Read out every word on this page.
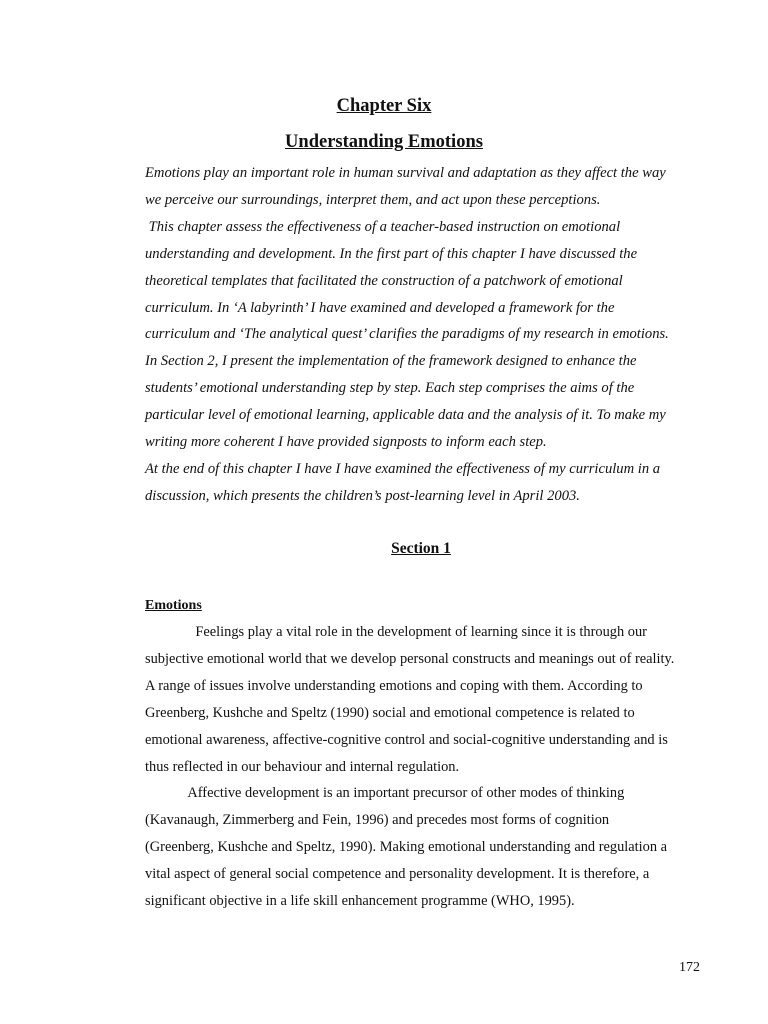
Chapter Six
Understanding Emotions

Emotions play an important role in human survival and adaptation as they affect the way
we perceive our surroundings, interpret them, and act upon these perceptions.
This chapter assess the effectiveness of a teacher-based instruction on emotional
understanding and development. In the first part of this chapter I have discussed the
theoretical templates that facilitated the construction of a patchwork of emotional
curriculum. In ‘A labyrinth’ I have examined and developed a framework for the
curriculum and ‘The analytical quest’ clarifies the paradigms of my research in emotions.
In Section 2, I present the implementation of the framework designed to enhance the
students’ emotional understanding step by step. Each step comprises the aims of the
particular level of emotional learning, applicable data and the analysis of it. To make my
writing more coherent I have provided signposts to inform each step.
At the end of this chapter I have I have examined the effectiveness of my curriculum in a
discussion, which presents the children’s post-learning level in April 2003.

Section 1
Emotions

Feelings play a vital role in the development of learning since it is through our
subjective emotional world that we develop personal constructs and meanings out of reality.
A range of issues involve understanding emotions and coping with them. According to
Greenberg, Kushche and Speltz (1990) social and emotional competence is related to
emotional awareness, affective-cognitive control and social-cognitive understanding and is
thus reflected in our behaviour and internal regulation.
Affective development is an important precursor of other modes of thinking
(Kavanaugh, Zimmerberg and Fein, 1996) and precedes most forms of cognition
(Greenberg, Kushche and Speltz, 1990). Making emotional understanding and regulation a
vital aspect of general social competence and personality development. It is therefore, a
significant objective in a life skill enhancement programme (WHO, 1995).

172
